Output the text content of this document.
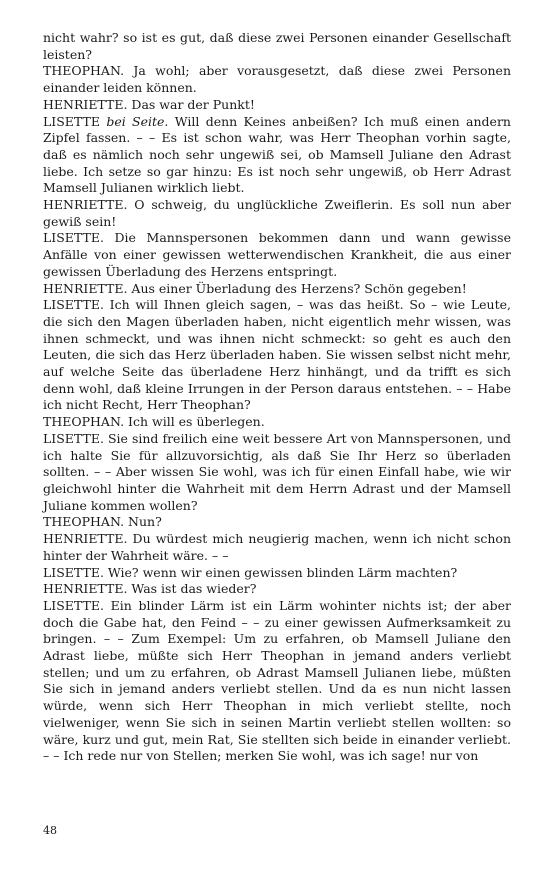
nicht wahr? so ist es gut, daß diese zwei Personen einander Gesellschaft leisten?

THEOPHAN. Ja wohl; aber vorausgesetzt, daß diese zwei Personen einander leiden können.

HENRIETTE. Das war der Punkt!

LISETTE bei Seite. Will denn Keines anbeißen? Ich muß einen andern Zipfel fassen. – – Es ist schon wahr, was Herr Theophan vorhin sagte, daß es nämlich noch sehr ungewiß sei, ob Mamsell Juliane den Adrast liebe. Ich setze so gar hinzu: Es ist noch sehr ungewiß, ob Herr Adrast Mamsell Julianen wirklich liebt.

HENRIETTE. O schweig, du unglückliche Zweiflerin. Es soll nun aber gewiß sein!

LISETTE. Die Mannspersonen bekommen dann und wann gewisse Anfälle von einer gewissen wetterwendischen Krankheit, die aus einer gewissen Überladung des Herzens entspringt.

HENRIETTE. Aus einer Überladung des Herzens? Schön gegeben!

LISETTE. Ich will Ihnen gleich sagen, – was das heißt. So – wie Leute, die sich den Magen überladen haben, nicht eigentlich mehr wissen, was ihnen schmeckt, und was ihnen nicht schmeckt: so geht es auch den Leuten, die sich das Herz überladen haben. Sie wissen selbst nicht mehr, auf welche Seite das überladene Herz hinhängt, und da trifft es sich denn wohl, daß kleine Irrungen in der Person daraus entstehen. – – Habe ich nicht Recht, Herr Theophan?

THEOPHAN. Ich will es überlegen.

LISETTE. Sie sind freilich eine weit bessere Art von Mannspersonen, und ich halte Sie für allzuvorsichtig, als daß Sie Ihr Herz so überladen sollten. – – Aber wissen Sie wohl, was ich für einen Einfall habe, wie wir gleichwohl hinter die Wahrheit mit dem Herrn Adrast und der Mamsell Juliane kommen wollen?

THEOPHAN. Nun?

HENRIETTE. Du würdest mich neugierig machen, wenn ich nicht schon hinter der Wahrheit wäre. – –

LISETTE. Wie? wenn wir einen gewissen blinden Lärm machten?

HENRIETTE. Was ist das wieder?

LISETTE. Ein blinder Lärm ist ein Lärm wohinter nichts ist; der aber doch die Gabe hat, den Feind – – zu einer gewissen Aufmerksamkeit zu bringen. – – Zum Exempel: Um zu erfahren, ob Mamsell Juliane den Adrast liebe, müßte sich Herr Theophan in jemand anders verliebt stellen; und um zu erfahren, ob Adrast Mamsell Julianen liebe, müßten Sie sich in jemand anders verliebt stellen. Und da es nun nicht lassen würde, wenn sich Herr Theophan in mich verliebt stellte, noch vielweniger, wenn Sie sich in seinen Martin verliebt stellen wollten: so wäre, kurz und gut, mein Rat, Sie stellten sich beide in einander verliebt. – – Ich rede nur von Stellen; merken Sie wohl, was ich sage! nur von

48
